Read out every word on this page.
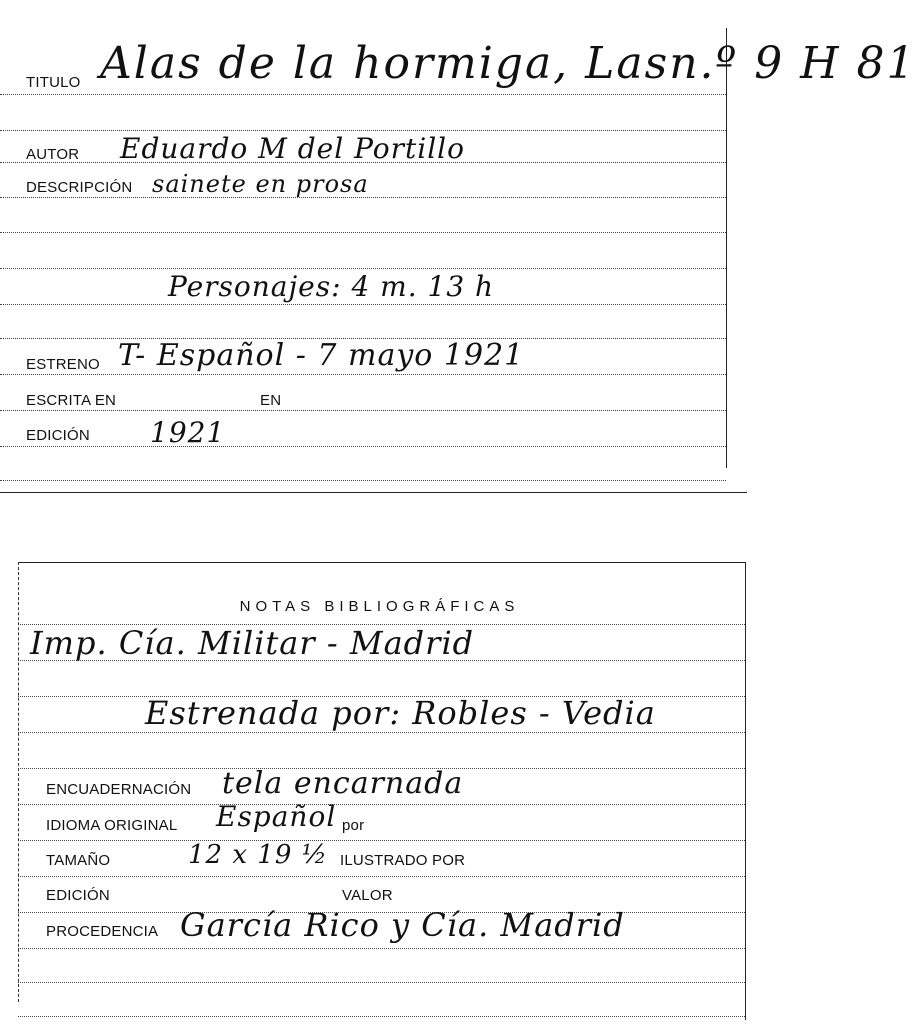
TITULO Alas de la hormiga, Lasn.º 9 H 81
AUTOR Eduardo M del Portillo
DESCRIPCIÓN sainete en prosa
Personajes: 4 m. 13 h
ESTRENO T- Español - 7 mayo 1921
ESCRITA EN	EN
EDICIÓN 1921
NOTAS BIBLIOGRÁFICAS
Imp. Cía. Militar - Madrid
Estrenada por: Robles - Vedia
ENCUADERNACIÓN tela encarnada
IDIOMA ORIGINAL Español por
TAMAÑO	12 x 19 ½ ILUSTRADO POR
EDICIÓN	VALOR
PROCEDENCIA García Rico y Cía. Madrid
